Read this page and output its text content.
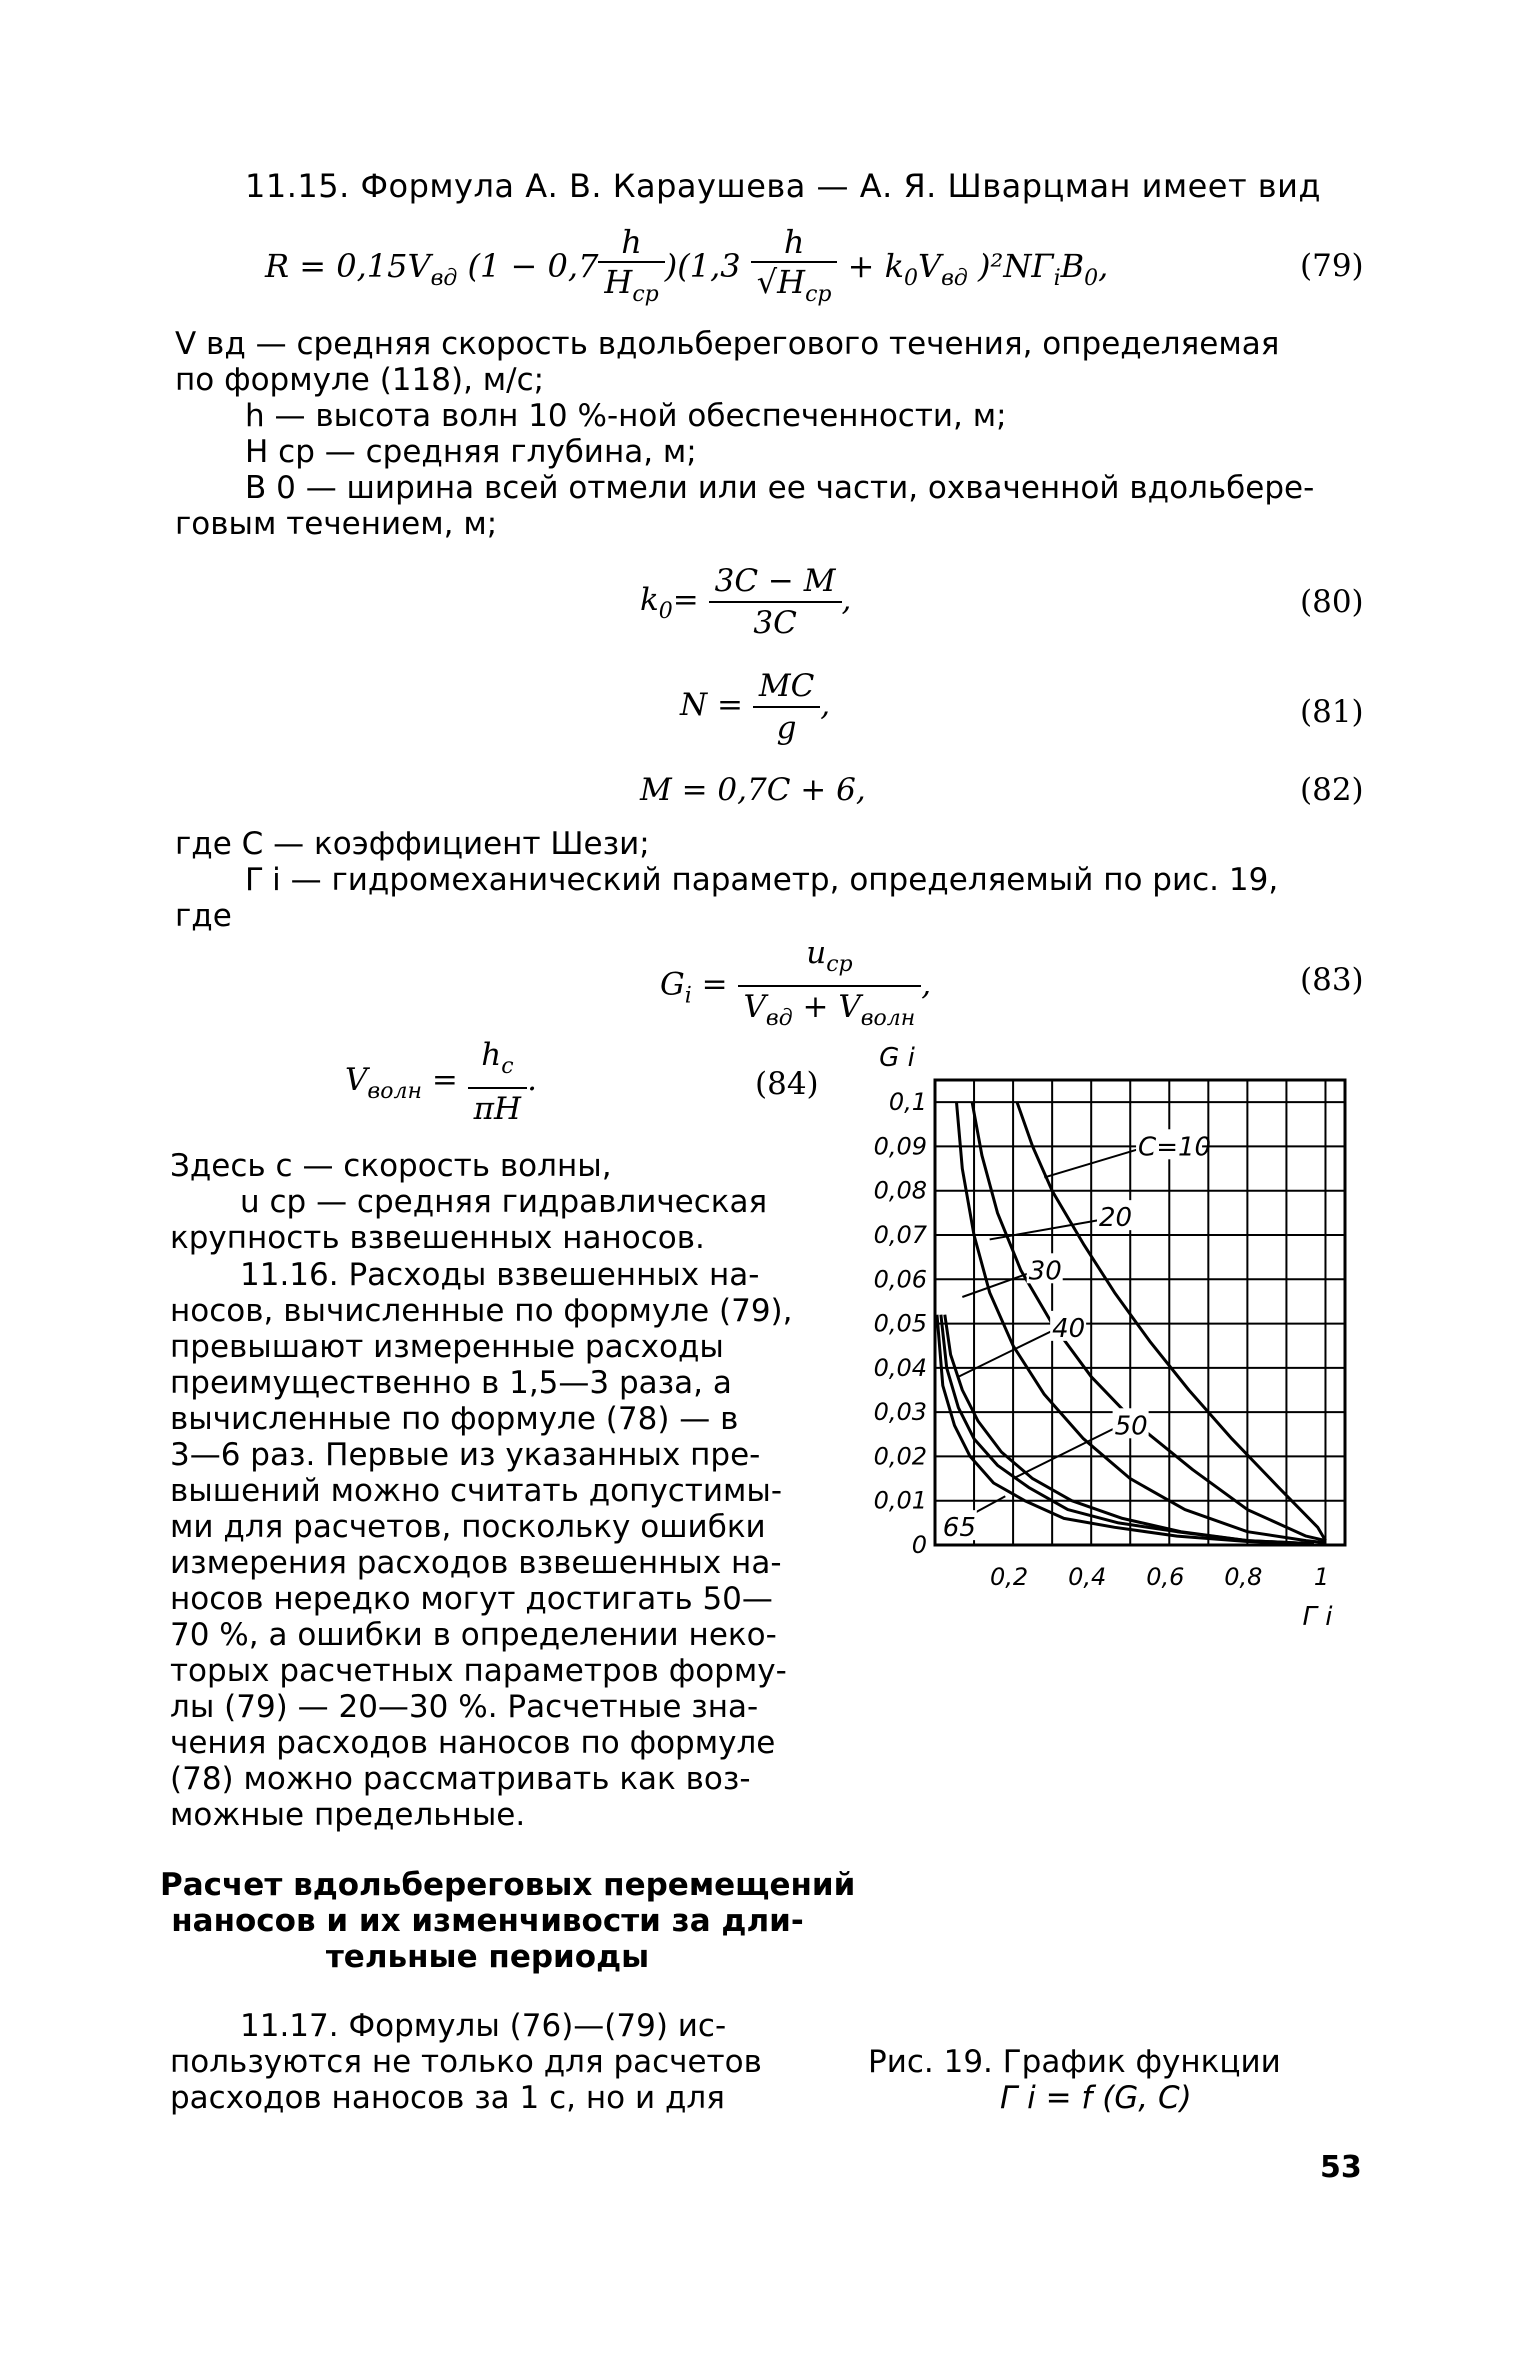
11.15. Формула А. В. Караушева — А. Я. Шварцман имеет вид
$R = 0,15V_{вд}$ $(1 - 0,7 \frac{h}{H_{ср}} )(1,3 \frac{h}{√H_{ср}} + k_0V_{вд}$ )$^2N\Gamma_iB_0$,	(79)
V вд — средняя скорость вдольберегового течения, определяемая
по формуле (118), м/с;
h — высота волн 10 %-ной обеспеченности, м;
H ср — средняя глубина, м;
B 0 — ширина всей отмели или ее части, охваченной вдольбере-
говым течением, м;
$k_0= \frac{3C - M}{3C}$ ,	(80)
$N = \frac{MC}{g}$ ,	(81)
M = 0,7C + 6,	(82)
где C — коэффициент Шези;
Γ i — гидромеханический параметр, определяемый по рис. 19,
где
$G_i = \frac{u_{ср}}{V_{вд} + V_{волн}}$ ,	(83)
$V_{волн} = \frac{h_c}{\pi H}$ .	(84)
Здесь c — скорость волны,
u ср — средняя гидравлическая
крупность взвешенных наносов.
11.16. Расходы взвешенных на-
носов, вычисленные по формуле (79),
превышают измеренные расходы
преимущественно в 1,5—3 раза, а
вычисленные по формуле (78) — в
3—6 раз. Первые из указанных пре-
вышений можно считать допустимы-
ми для расчетов, поскольку ошибки
измерения расходов взвешенных на-
носов нередко могут достигать 50—
70 %, а ошибки в определении неко-
торых расчетных параметров форму-
лы (79) — 20—30 %. Расчетные зна-
чения расходов наносов по формуле
(78) можно рассматривать как воз-
можные предельные.
Расчет вдольбереговых перемещений
наносов и их изменчивости за дли-
тельные периоды
11.17. Формулы (76)—(79) ис-
пользуются не только для расчетов
расходов наносов за 1 с, но и для
0
0,01
0,02
0,03
0,04
0,05
0,06
0,07
0,08
0,09
0,1
0,2 0,4 0,6 0,8 1
G i
Γ i
C=10
20
30
40
50
65
Рис. 19. График функции
Γ i = f (G, C)
53
